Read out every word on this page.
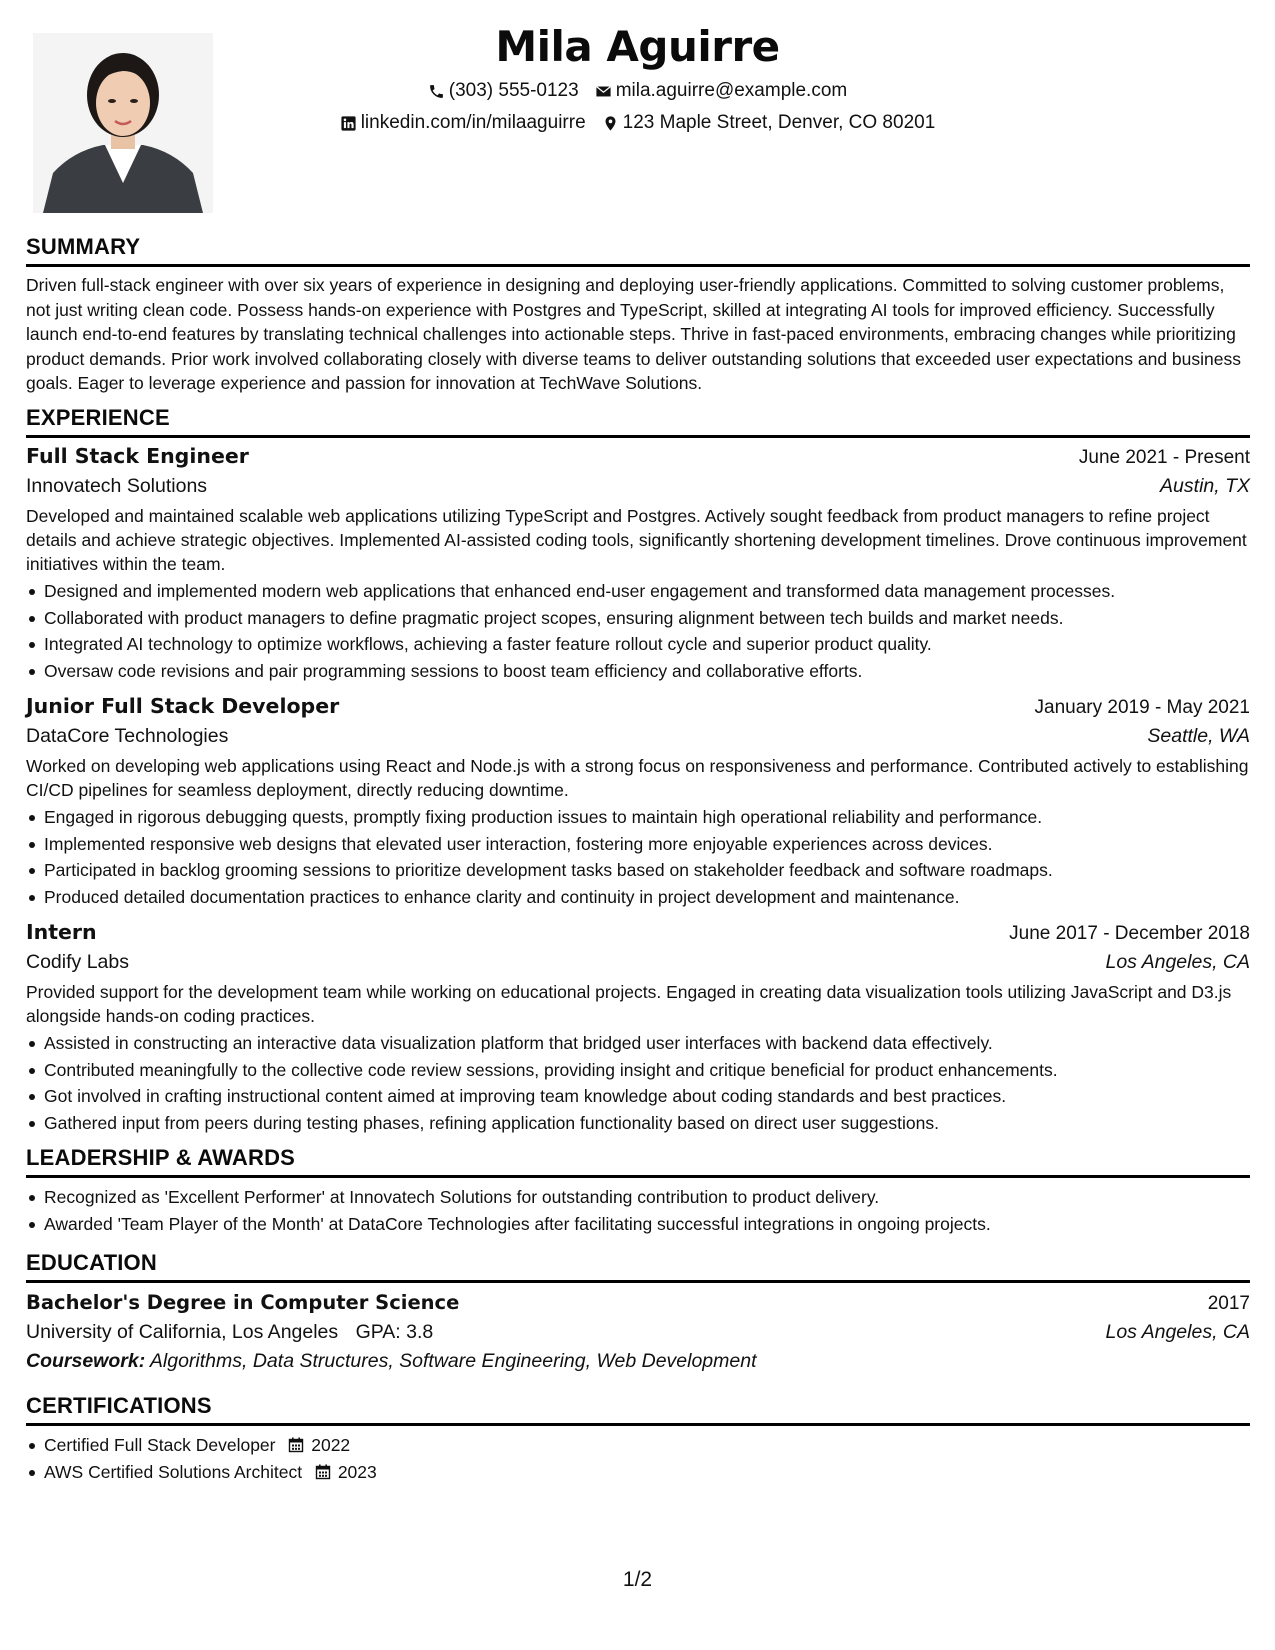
Mila Aguirre
(303) 555-0123 mila.aguirre@example.com
linkedin.com/in/milaaguirre 123 Maple Street, Denver, CO 80201
SUMMARY
Driven full-stack engineer with over six years of experience in designing and deploying user-friendly applications. Committed to solving customer problems, not just writing clean code. Possess hands-on experience with Postgres and TypeScript, skilled at integrating AI tools for improved efficiency. Successfully launch end-to-end features by translating technical challenges into actionable steps. Thrive in fast-paced environments, embracing changes while prioritizing product demands. Prior work involved collaborating closely with diverse teams to deliver outstanding solutions that exceeded user expectations and business goals. Eager to leverage experience and passion for innovation at TechWave Solutions.
EXPERIENCE
Full Stack Engineer	June 2021 - Present
Innovatech Solutions	Austin, TX
Developed and maintained scalable web applications utilizing TypeScript and Postgres. Actively sought feedback from product managers to refine project details and achieve strategic objectives. Implemented AI-assisted coding tools, significantly shortening development timelines. Drove continuous improvement initiatives within the team.
Designed and implemented modern web applications that enhanced end-user engagement and transformed data management processes.
Collaborated with product managers to define pragmatic project scopes, ensuring alignment between tech builds and market needs.
Integrated AI technology to optimize workflows, achieving a faster feature rollout cycle and superior product quality.
Oversaw code revisions and pair programming sessions to boost team efficiency and collaborative efforts.
Junior Full Stack Developer	January 2019 - May 2021
DataCore Technologies	Seattle, WA
Worked on developing web applications using React and Node.js with a strong focus on responsiveness and performance. Contributed actively to establishing CI/CD pipelines for seamless deployment, directly reducing downtime.
Engaged in rigorous debugging quests, promptly fixing production issues to maintain high operational reliability and performance.
Implemented responsive web designs that elevated user interaction, fostering more enjoyable experiences across devices.
Participated in backlog grooming sessions to prioritize development tasks based on stakeholder feedback and software roadmaps.
Produced detailed documentation practices to enhance clarity and continuity in project development and maintenance.
Intern	June 2017 - December 2018
Codify Labs	Los Angeles, CA
Provided support for the development team while working on educational projects. Engaged in creating data visualization tools utilizing JavaScript and D3.js alongside hands-on coding practices.
Assisted in constructing an interactive data visualization platform that bridged user interfaces with backend data effectively.
Contributed meaningfully to the collective code review sessions, providing insight and critique beneficial for product enhancements.
Got involved in crafting instructional content aimed at improving team knowledge about coding standards and best practices.
Gathered input from peers during testing phases, refining application functionality based on direct user suggestions.
LEADERSHIP & AWARDS
Recognized as 'Excellent Performer' at Innovatech Solutions for outstanding contribution to product delivery.
Awarded 'Team Player of the Month' at DataCore Technologies after facilitating successful integrations in ongoing projects.
EDUCATION
Bachelor's Degree in Computer Science	2017
University of California, Los Angeles GPA: 3.8	Los Angeles, CA
Coursework: Algorithms, Data Structures, Software Engineering, Web Development
CERTIFICATIONS
Certified Full Stack Developer 2022
AWS Certified Solutions Architect 2023
1/2
